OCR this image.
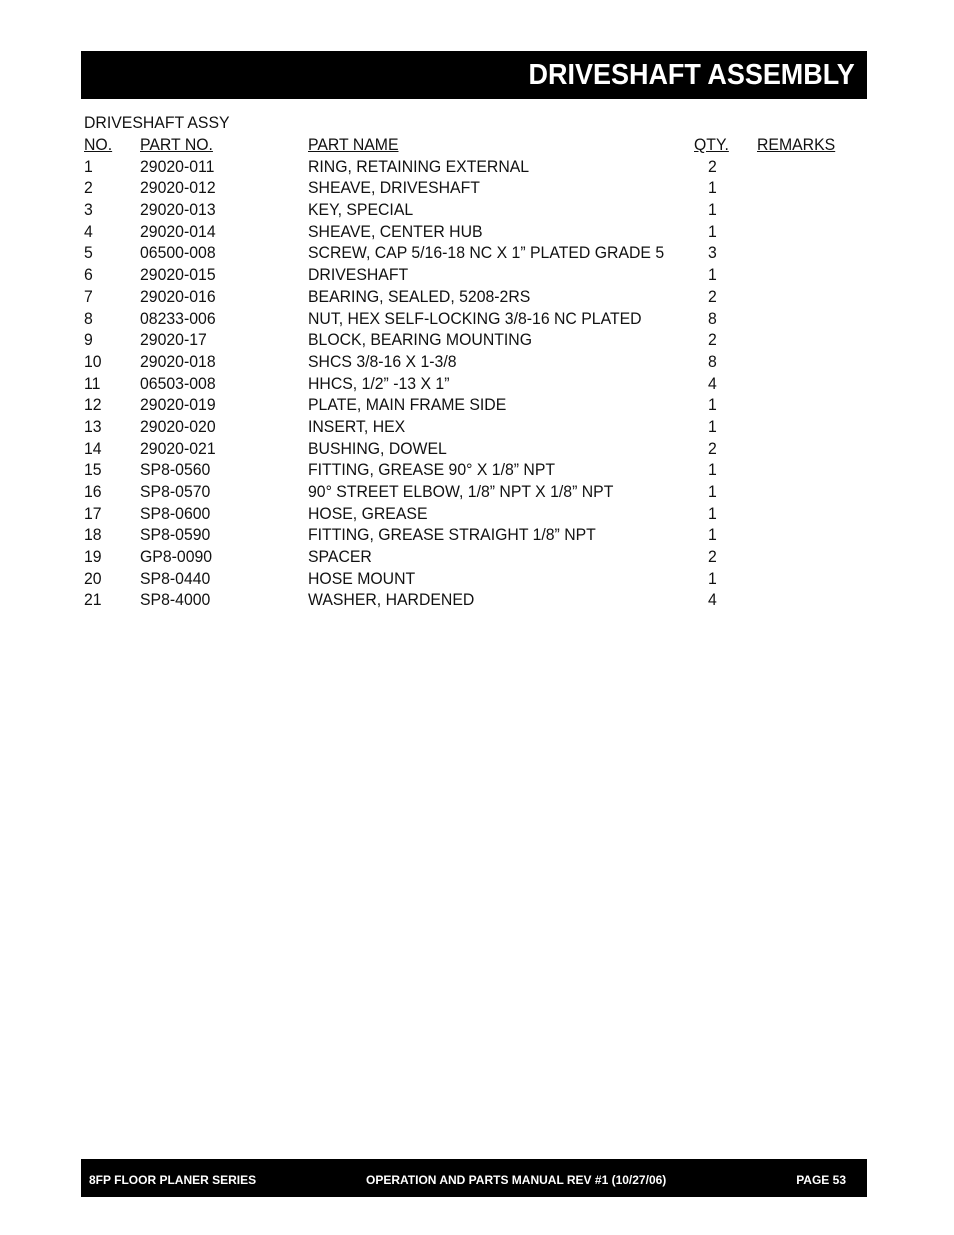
DRIVESHAFT ASSEMBLY
DRIVESHAFT ASSY
NO. PART NO.	PART NAME	QTY. REMARKS
1	29020-011	RING, RETAINING EXTERNAL	2
2	29020-012	SHEAVE, DRIVESHAFT	1
3	29020-013	KEY, SPECIAL	1
4	29020-014	SHEAVE, CENTER HUB	1
5	06500-008	SCREW, CAP 5/16-18 NC X 1” PLATED GRADE 5	3
6	29020-015	DRIVESHAFT	1
7	29020-016	BEARING, SEALED, 5208-2RS	2
8	08233-006	NUT, HEX SELF-LOCKING 3/8-16 NC PLATED	8
9	29020-17	BLOCK, BEARING MOUNTING	2
10 29020-018	SHCS 3/8-16 X 1-3/8	8
11 06503-008	HHCS, 1/2” -13 X 1”	4
12 29020-019	PLATE, MAIN FRAME SIDE	1
13 29020-020	INSERT, HEX	1
14 29020-021	BUSHING, DOWEL	2
15 SP8-0560	FITTING, GREASE 90° X 1/8” NPT	1
16 SP8-0570	90° STREET ELBOW, 1/8” NPT X 1/8” NPT	1
17 SP8-0600	HOSE, GREASE	1
18 SP8-0590	FITTING, GREASE STRAIGHT 1/8” NPT	1
19 GP8-0090	SPACER	2
20 SP8-0440	HOSE MOUNT	1
21 SP8-4000	WASHER, HARDENED	4
8FP FLOOR PLANER SERIES	OPERATION AND PARTS MANUAL REV #1 (10/27/06)	PAGE 53
